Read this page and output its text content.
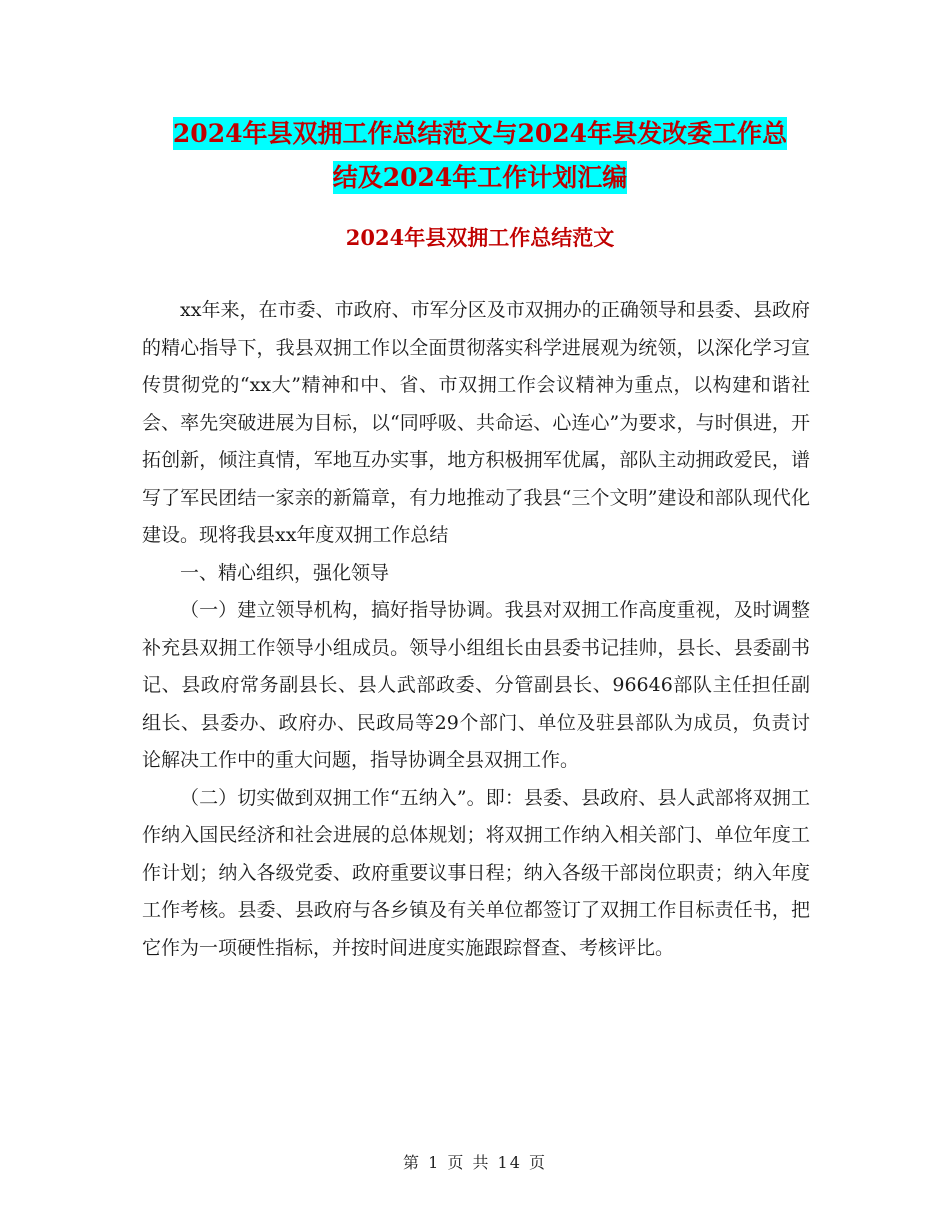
2024年县双拥工作总结范文与2024年县发改委工作总
结及2024年工作计划汇编
2024年县双拥工作总结范文

xx年来，在市委、市政府、市军分区及市双拥办的正确领导和县委、县政府的精心指导下，我县双拥工作以全面贯彻落实科学进展观为统领，以深化学习宣传贯彻党的“xx大”精神和中、省、市双拥工作会议精神为重点，以构建和谐社会、率先突破进展为目标，以“同呼吸、共命运、心连心”为要求，与时俱进，开拓创新，倾注真情，军地互办实事，地方积极拥军优属，部队主动拥政爱民，谱写了军民团结一家亲的新篇章，有力地推动了我县“三个文明”建设和部队现代化建设。现将我县xx年度双拥工作总结

一、精心组织，强化领导

（一）建立领导机构，搞好指导协调。我县对双拥工作高度重视，及时调整补充县双拥工作领导小组成员。领导小组组长由县委书记挂帅，县长、县委副书记、县政府常务副县长、县人武部政委、分管副县长、96646部队主任担任副组长、县委办、政府办、民政局等29个部门、单位及驻县部队为成员，负责讨论解决工作中的重大问题，指导协调全县双拥工作。

（二）切实做到双拥工作“五纳入”。即：县委、县政府、县人武部将双拥工作纳入国民经济和社会进展的总体规划；将双拥工作纳入相关部门、单位年度工作计划；纳入各级党委、政府重要议事日程；纳入各级干部岗位职责；纳入年度工作考核。县委、县政府与各乡镇及有关单位都签订了双拥工作目标责任书，把它作为一项硬性指标，并按时间进度实施跟踪督查、考核评比。

第 1 页 共 14 页
